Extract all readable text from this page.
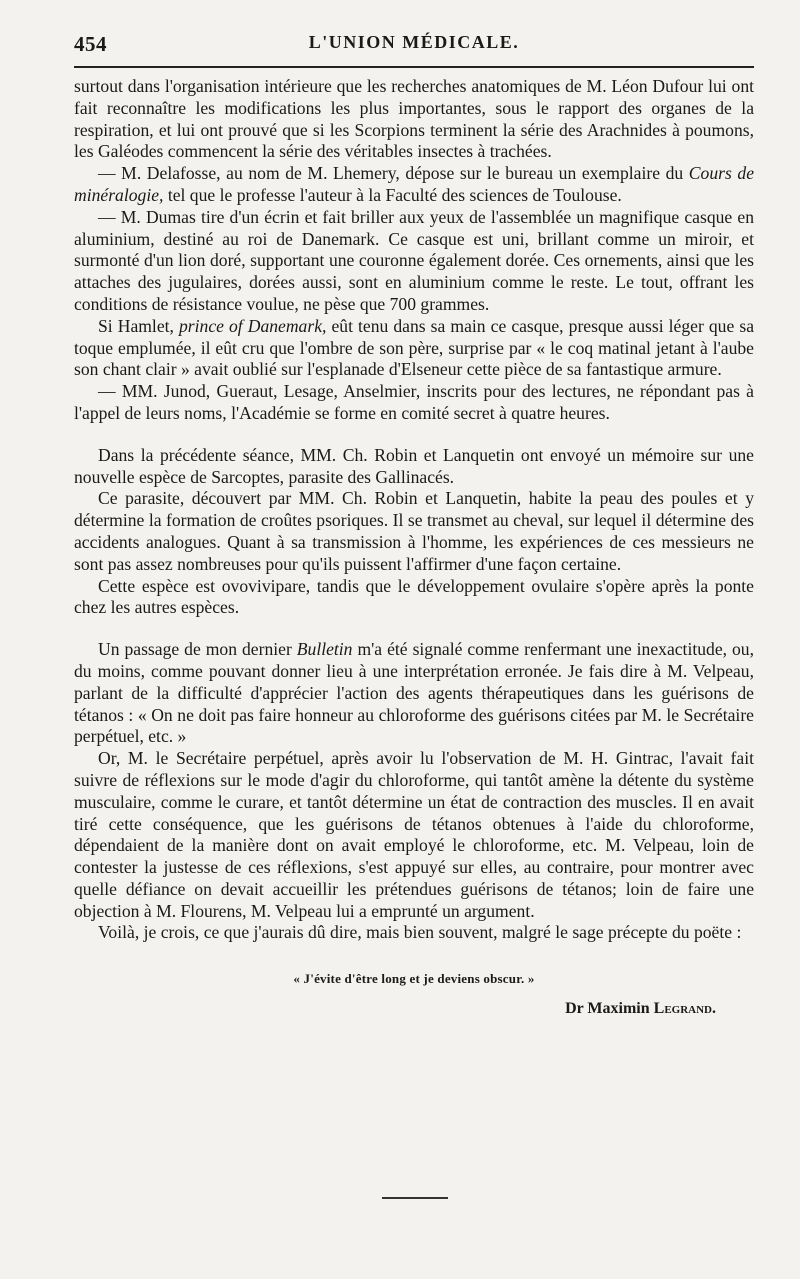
454	L'UNION MÉDICALE.

surtout dans l'organisation intérieure que les recherches anatomiques de M. Léon Dufour lui ont fait reconnaître les modifications les plus importantes, sous le rapport des organes de la respiration, et lui ont prouvé que si les Scorpions terminent la série des Arachnides à poumons, les Galéodes commencent la série des véritables insectes à trachées.

— M. Delafosse, au nom de M. Lhemery, dépose sur le bureau un exemplaire du Cours de minéralogie, tel que le professe l'auteur à la Faculté des sciences de Toulouse.

— M. Dumas tire d'un écrin et fait briller aux yeux de l'assemblée un magnifique casque en aluminium, destiné au roi de Danemark. Ce casque est uni, brillant comme un miroir, et surmonté d'un lion doré, supportant une couronne également dorée. Ces ornements, ainsi que les attaches des jugulaires, dorées aussi, sont en aluminium comme le reste. Le tout, offrant les conditions de résistance voulue, ne pèse que 700 grammes.

Si Hamlet, prince of Danemark, eût tenu dans sa main ce casque, presque aussi léger que sa toque emplumée, il eût cru que l'ombre de son père, surprise par « le coq matinal jetant à l'aube son chant clair » avait oublié sur l'esplanade d'Elseneur cette pièce de sa fantastique armure.

— MM. Junod, Gueraut, Lesage, Anselmier, inscrits pour des lectures, ne répondant pas à l'appel de leurs noms, l'Académie se forme en comité secret à quatre heures.

Dans la précédente séance, MM. Ch. Robin et Lanquetin ont envoyé un mémoire sur une nouvelle espèce de Sarcoptes, parasite des Gallinacés.

Ce parasite, découvert par MM. Ch. Robin et Lanquetin, habite la peau des poules et y détermine la formation de croûtes psoriques. Il se transmet au cheval, sur lequel il détermine des accidents analogues. Quant à sa transmission à l'homme, les expériences de ces messieurs ne sont pas assez nombreuses pour qu'ils puissent l'affirmer d'une façon certaine.

Cette espèce est ovovivipare, tandis que le développement ovulaire s'opère après la ponte chez les autres espèces.

Un passage de mon dernier Bulletin m'a été signalé comme renfermant une inexactitude, ou, du moins, comme pouvant donner lieu à une interprétation erronée. Je fais dire à M. Velpeau, parlant de la difficulté d'apprécier l'action des agents thérapeutiques dans les guérisons de tétanos : « On ne doit pas faire honneur au chloroforme des guérisons citées par M. le Secrétaire perpétuel, etc. »

Or, M. le Secrétaire perpétuel, après avoir lu l'observation de M. H. Gintrac, l'avait fait suivre de réflexions sur le mode d'agir du chloroforme, qui tantôt amène la détente du système musculaire, comme le curare, et tantôt détermine un état de contraction des muscles. Il en avait tiré cette conséquence, que les guérisons de tétanos obtenues à l'aide du chloroforme, dépendaient de la manière dont on avait employé le chloroforme, etc. M. Velpeau, loin de contester la justesse de ces réflexions, s'est appuyé sur elles, au contraire, pour montrer avec quelle défiance on devait accueillir les prétendues guérisons de tétanos; loin de faire une objection à M. Flourens, M. Velpeau lui a emprunté un argument.

Voilà, je crois, ce que j'aurais dû dire, mais bien souvent, malgré le sage précepte du poëte :

« J'évite d'être long et je deviens obscur. »
Dr Maximin Legrand.
